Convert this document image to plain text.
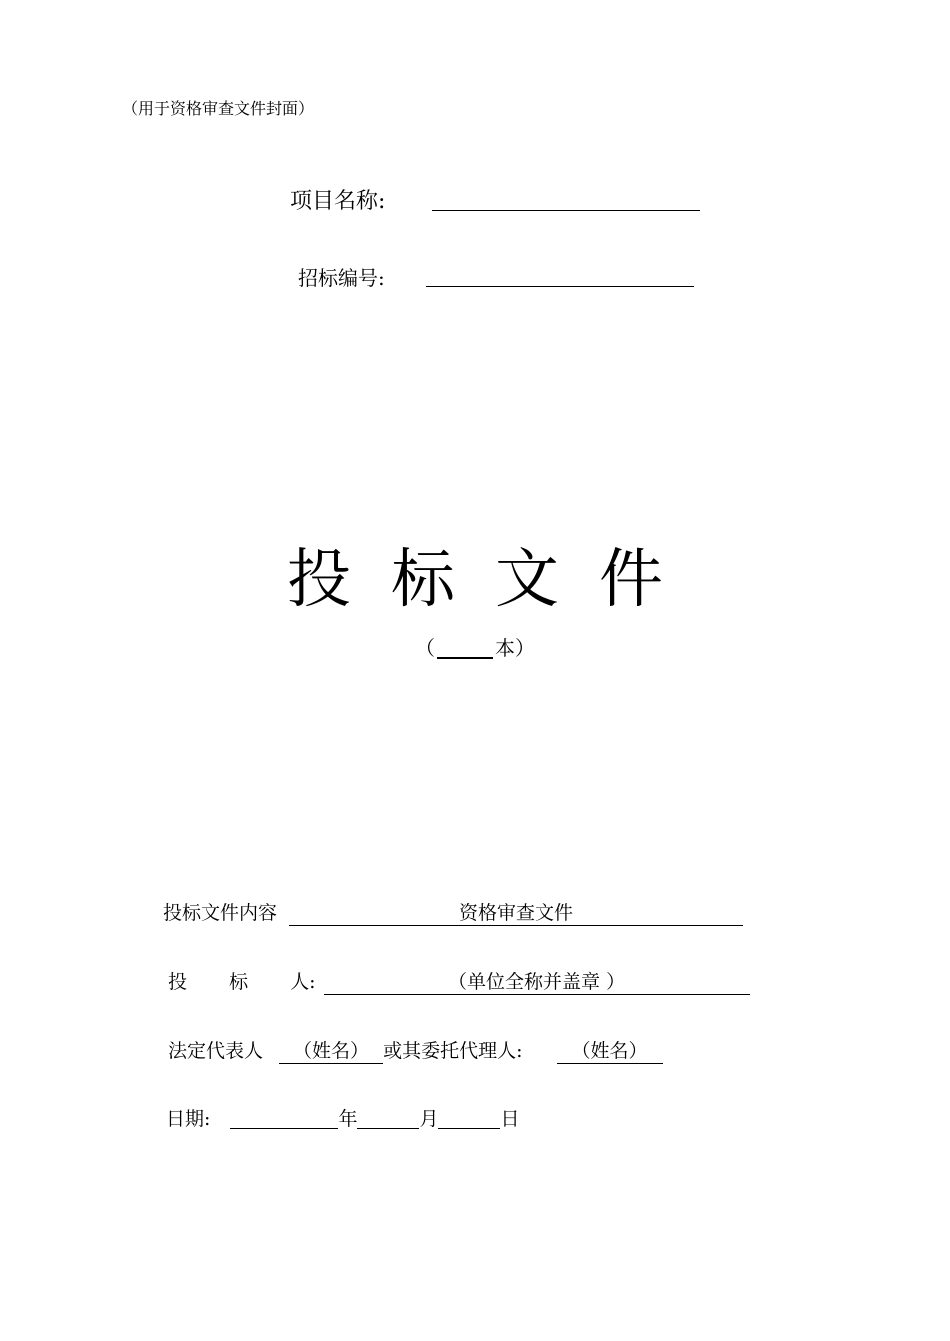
（用于资格审查文件封面）
项目名称:
招标编号:
投标文件
（	本）
投标文件内容	资格审查文件
投 标 人:	（单位全称并盖章 ）
法定代表人 （姓名） 或其委托代理人:	（姓名）
日期:	年	月	日
